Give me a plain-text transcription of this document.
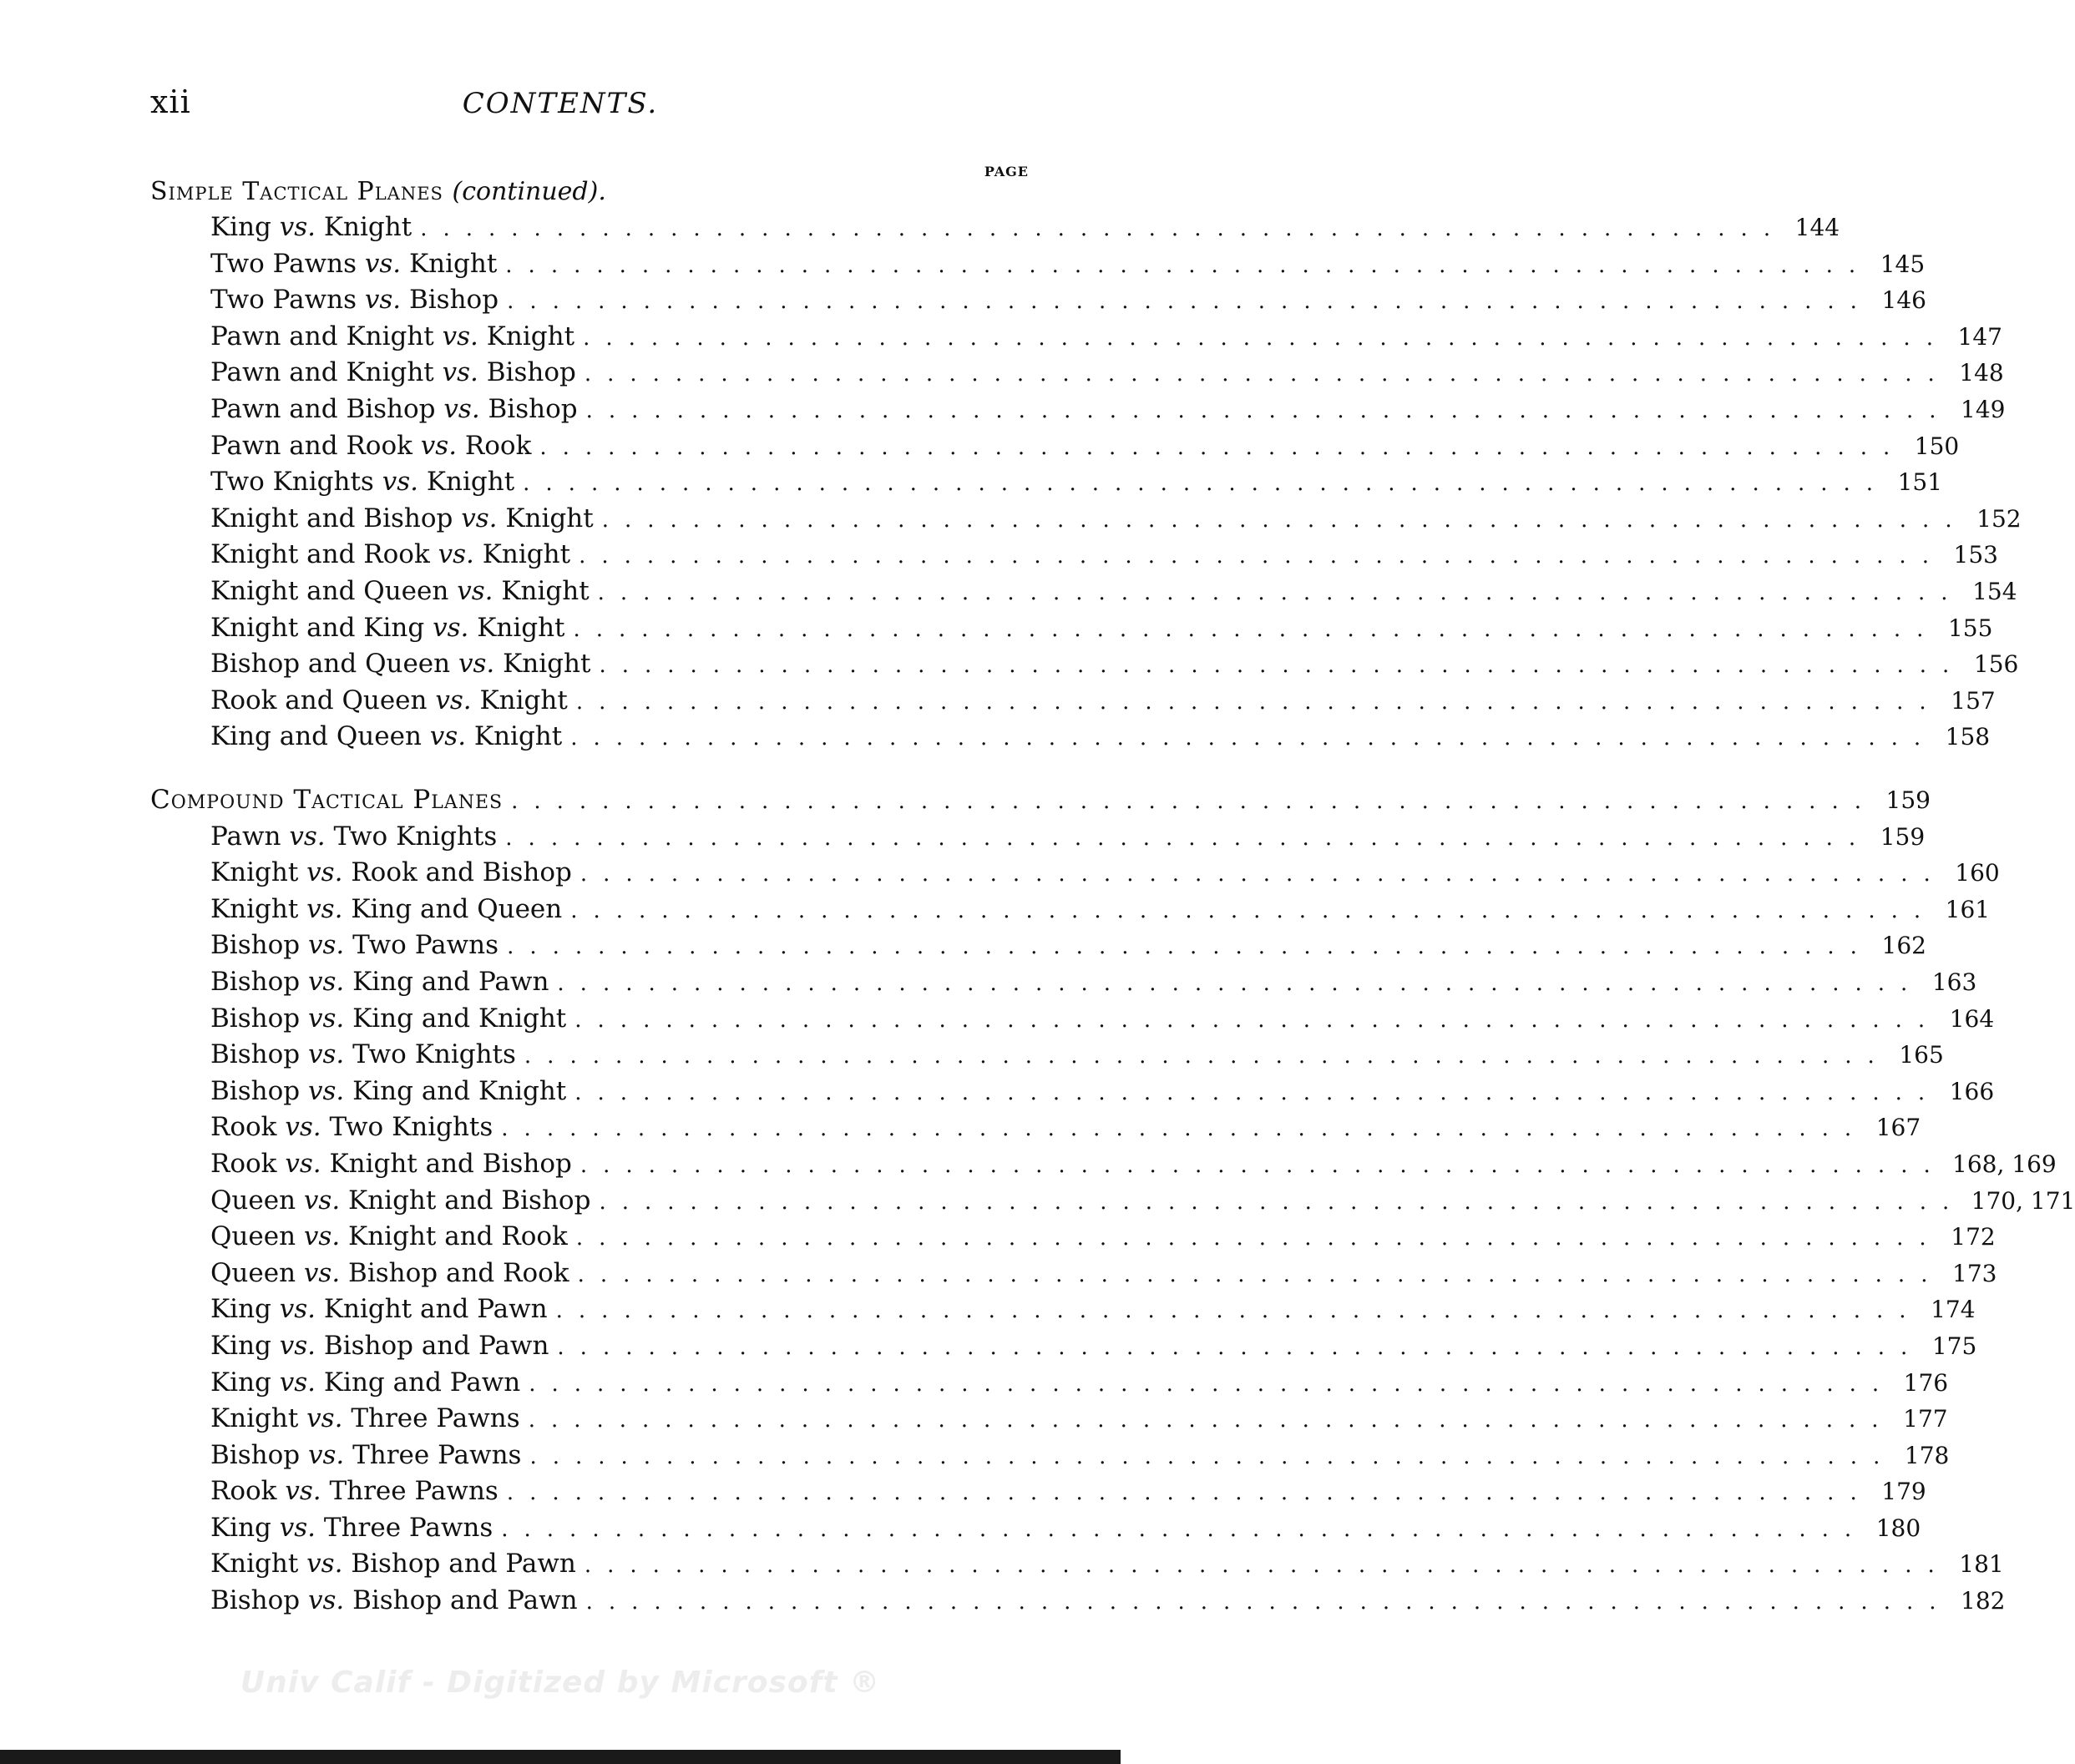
xii	CONTENTS.
PAGE
Simple Tactical Planes (continued).
King vs. Knight ............................................................ 144
Two Pawns vs. Knight ............................................................ 145
Two Pawns vs. Bishop ............................................................ 146
Pawn and Knight vs. Knight ............................................................ 147
Pawn and Knight vs. Bishop ............................................................ 148
Pawn and Bishop vs. Bishop ............................................................ 149
Pawn and Rook vs. Rook ............................................................ 150
Two Knights vs. Knight ............................................................ 151
Knight and Bishop vs. Knight ............................................................ 152
Knight and Rook vs. Knight ............................................................ 153
Knight and Queen vs. Knight ............................................................ 154
Knight and King vs. Knight ............................................................ 155
Bishop and Queen vs. Knight ............................................................ 156
Rook and Queen vs. Knight ............................................................ 157
King and Queen vs. Knight ............................................................ 158
Compound Tactical Planes ............................................................ 159
Pawn vs. Two Knights ............................................................ 159
Knight vs. Rook and Bishop ............................................................ 160
Knight vs. King and Queen ............................................................ 161
Bishop vs. Two Pawns ............................................................ 162
Bishop vs. King and Pawn ............................................................ 163
Bishop vs. King and Knight ............................................................ 164
Bishop vs. Two Knights ............................................................ 165
Bishop vs. King and Knight ............................................................ 166
Rook vs. Two Knights ............................................................ 167
Rook vs. Knight and Bishop ............................................................ 168, 169
Queen vs. Knight and Bishop ............................................................ 170, 171
Queen vs. Knight and Rook ............................................................ 172
Queen vs. Bishop and Rook ............................................................ 173
King vs. Knight and Pawn ............................................................ 174
King vs. Bishop and Pawn ............................................................ 175
King vs. King and Pawn ............................................................ 176
Knight vs. Three Pawns ............................................................ 177
Bishop vs. Three Pawns ............................................................ 178
Rook vs. Three Pawns ............................................................ 179
King vs. Three Pawns ............................................................ 180
Knight vs. Bishop and Pawn ............................................................ 181
Bishop vs. Bishop and Pawn ............................................................ 182
Univ Calif - Digitized by Microsoft ®
